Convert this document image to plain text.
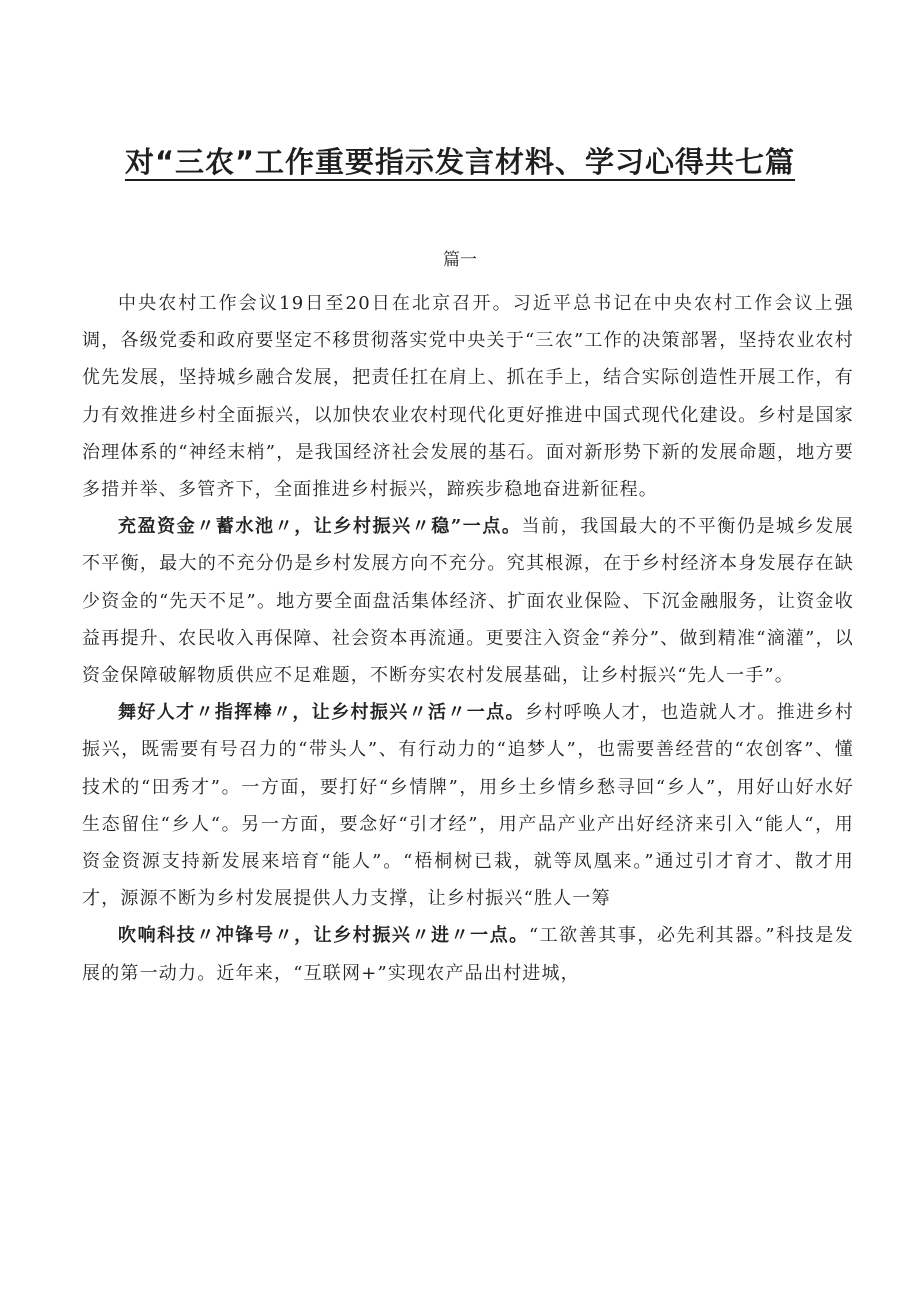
对“三农”工作重要指示发言材料、学习心得共七篇
篇一

中央农村工作会议19日至20日在北京召开。习近平总书记在中央农村工作会议上强调，各级党委和政府要坚定不移贯彻落实党中央关于“三农”工作的决策部署，坚持农业农村优先发展，坚持城乡融合发展，把责任扛在肩上、抓在手上，结合实际创造性开展工作，有力有效推进乡村全面振兴，以加快农业农村现代化更好推进中国式现代化建设。乡村是国家治理体系的“神经末梢”，是我国经济社会发展的基石。面对新形势下新的发展命题，地方要多措并举、多管齐下，全面推进乡村振兴，蹄疾步稳地奋进新征程。

充盈资金〃蓄水池〃，让乡村振兴〃稳”一点。当前，我国最大的不平衡仍是城乡发展不平衡，最大的不充分仍是乡村发展方向不充分。究其根源，在于乡村经济本身发展存在缺少资金的“先天不足”。地方要全面盘活集体经济、扩面农业保险、下沉金融服务，让资金收益再提升、农民收入再保障、社会资本再流通。更要注入资金“养分”、做到精准“滴灌”，以资金保障破解物质供应不足难题，不断夯实农村发展基础，让乡村振兴“先人一手”。

舞好人才〃指挥棒〃，让乡村振兴〃活〃一点。乡村呼唤人才，也造就人才。推进乡村振兴，既需要有号召力的“带头人”、有行动力的“追梦人”，也需要善经营的“农创客”、懂技术的“田秀才”。一方面，要打好“乡情牌”，用乡土乡情乡愁寻回“乡人”，用好山好水好生态留住“乡人“。另一方面，要念好“引才经”，用产品产业产出好经济来引入“能人“，用资金资源支持新发展来培育“能人”。“梧桐树已栽，就等凤凰来。”通过引才育才、散才用才，源源不断为乡村发展提供人力支撑，让乡村振兴“胜人一筹

吹响科技〃冲锋号〃，让乡村振兴〃进〃一点。“工欲善其事，必先利其器。”科技是发展的第一动力。近年来，“互联网+”实现农产品出村进城，
